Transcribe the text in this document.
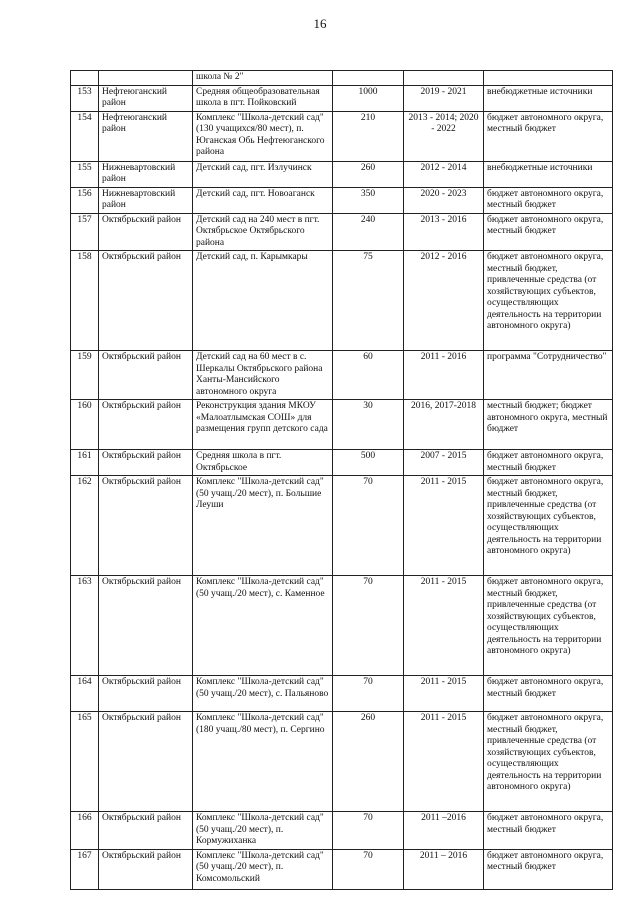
16
		школа № 2"			
153	Нефтеюганский район	Средняя общеобразовательная школа в пгт. Пойковский	1000	2019 - 2021	внебюджетные источники
154	Нефтеюганский район	Комплекс "Школа-детский сад" (130 учащихся/80 мест), п. Юганская Обь Нефтеюганского района	210	2013 - 2014; 2020 - 2022	бюджет автономного округа, местный бюджет
155	Нижневартовский район	Детский сад, пгт. Излучинск	260	2012 - 2014	внебюджетные источники
156	Нижневартовский район	Детский сад, пгт. Новоаганск	350	2020 - 2023	бюджет автономного округа, местный бюджет
157	Октябрьский район	Детский сад на 240 мест в пгт. Октябрьское Октябрьского района	240	2013 - 2016	бюджет автономного округа, местный бюджет
158	Октябрьский район	Детский сад, п. Карымкары	75	2012 - 2016	бюджет автономного округа, местный бюджет, привлеченные средства (от хозяйствующих субъектов, осуществляющих деятельность на территории автономного округа)
159	Октябрьский район	Детский сад на 60 мест в с. Шеркалы Октябрьского района Ханты-Мансийского автономного округа	60	2011 - 2016	программа "Сотрудничество"
160	Октябрьский район	Реконструкция здания МКОУ «Малоатлымская СОШ» для размещения групп детского сада	30	2016, 2017-2018	местный бюджет; бюджет автономного округа, местный бюджет
161	Октябрьский район	Средняя школа в пгт. Октябрьское	500	2007 - 2015	бюджет автономного округа, местный бюджет
162	Октябрьский район	Комплекс "Школа-детский сад" (50 учащ./20 мест), п. Большие Леуши	70	2011 - 2015	бюджет автономного округа, местный бюджет, привлеченные средства (от хозяйствующих субъектов, осуществляющих деятельность на территории автономного округа)
163	Октябрьский район	Комплекс "Школа-детский сад" (50 учащ./20 мест), с. Каменное	70	2011 - 2015	бюджет автономного округа, местный бюджет, привлеченные средства (от хозяйствующих субъектов, осуществляющих деятельность на территории автономного округа)
164	Октябрьский район	Комплекс "Школа-детский сад" (50 учащ./20 мест), с. Пальяново	70	2011 - 2015	бюджет автономного округа, местный бюджет
165	Октябрьский район	Комплекс "Школа-детский сад" (180 учащ./80 мест), п. Сергино	260	2011 - 2015	бюджет автономного округа, местный бюджет, привлеченные средства (от хозяйствующих субъектов, осуществляющих деятельность на территории автономного округа)
166	Октябрьский район	Комплекс "Школа-детский сад" (50 учащ./20 мест), п. Кормужиханка	70	2011 –2016	бюджет автономного округа, местный бюджет
167	Октябрьский район	Комплекс "Школа-детский сад" (50 учащ./20 мест), п. Комсомольский	70	2011 – 2016	бюджет автономного округа, местный бюджет
